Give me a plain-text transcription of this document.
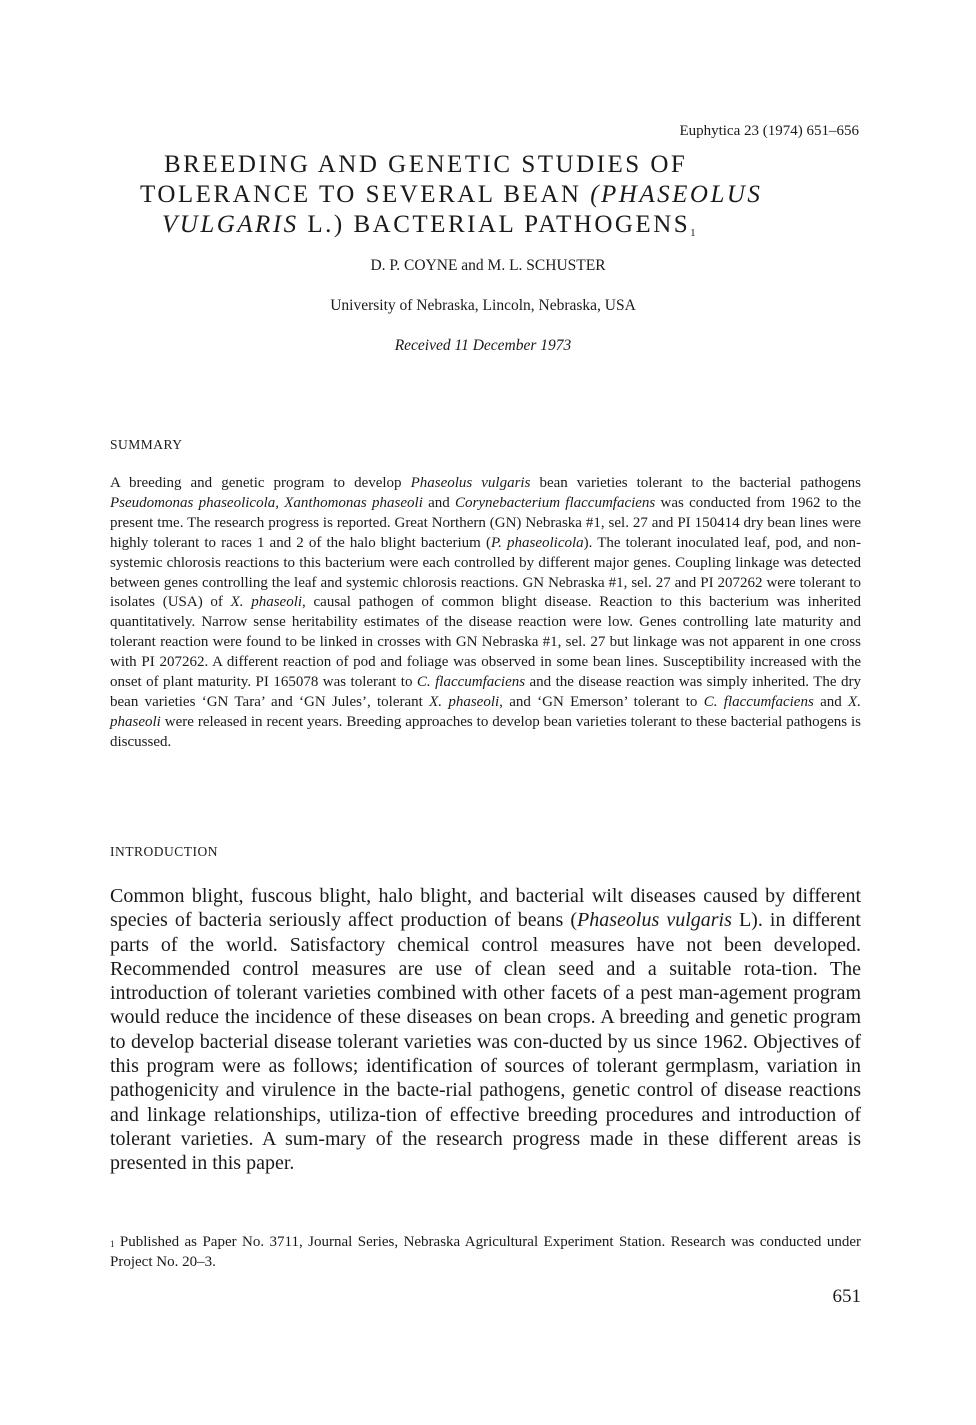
Euphytica 23 (1974) 651–656
BREEDING AND GENETIC STUDIES OF
TOLERANCE TO SEVERAL BEAN (PHASEOLUS
VULGARIS L.) BACTERIAL PATHOGENS$^1$
D. P. COYNE and M. L. SCHUSTER
University of Nebraska, Lincoln, Nebraska, USA
Received 11 December 1973
SUMMARY

A breeding and genetic program to develop Phaseolus vulgaris bean varieties tolerant to the bacterial pathogens Pseudomonas phaseolicola, Xanthomonas phaseoli and Corynebacterium flaccumfaciens was conducted from 1962 to the present tme. The research progress is reported. Great Northern (GN) Nebraska #1, sel. 27 and PI 150414 dry bean lines were highly tolerant to races 1 and 2 of the halo blight bacterium (P. phaseolicola). The tolerant inoculated leaf, pod, and non-systemic chlorosis reactions to this bacterium were each controlled by different major genes. Coupling linkage was detected between genes controlling the leaf and systemic chlorosis reactions. GN Nebraska #1, sel. 27 and PI 207262 were tolerant to isolates (USA) of X. phaseoli, causal pathogen of common blight disease. Reaction to this bacterium was inherited quantitatively. Narrow sense heritability estimates of the disease reaction were low. Genes controlling late maturity and tolerant reaction were found to be linked in crosses with GN Nebraska #1, sel. 27 but linkage was not apparent in one cross with PI 207262. A different reaction of pod and foliage was observed in some bean lines. Susceptibility increased with the onset of plant maturity. PI 165078 was tolerant to C. flaccumfaciens and the disease reaction was simply inherited. The dry bean varieties ‘GN Tara’ and ‘GN Jules’, tolerant X. phaseoli, and ‘GN Emerson’ tolerant to C. flaccumfaciens and X. phaseoli were released in recent years. Breeding approaches to develop bean varieties tolerant to these bacterial pathogens is discussed.

INTRODUCTION

Common blight, fuscous blight, halo blight, and bacterial wilt diseases caused by different species of bacteria seriously affect production of beans (Phaseolus vulgaris L). in different parts of the world. Satisfactory chemical control measures have not been developed. Recommended control measures are use of clean seed and a suitable rota-tion. The introduction of tolerant varieties combined with other facets of a pest man-agement program would reduce the incidence of these diseases on bean crops. A breeding and genetic program to develop bacterial disease tolerant varieties was con-ducted by us since 1962. Objectives of this program were as follows; identification of sources of tolerant germplasm, variation in pathogenicity and virulence in the bacte-rial pathogens, genetic control of disease reactions and linkage relationships, utiliza-tion of effective breeding procedures and introduction of tolerant varieties. A sum-mary of the research progress made in these different areas is presented in this paper.

$^1$ Published as Paper No. 3711, Journal Series, Nebraska Agricultural Experiment Station. Research was conducted under Project No. 20–3.

651
